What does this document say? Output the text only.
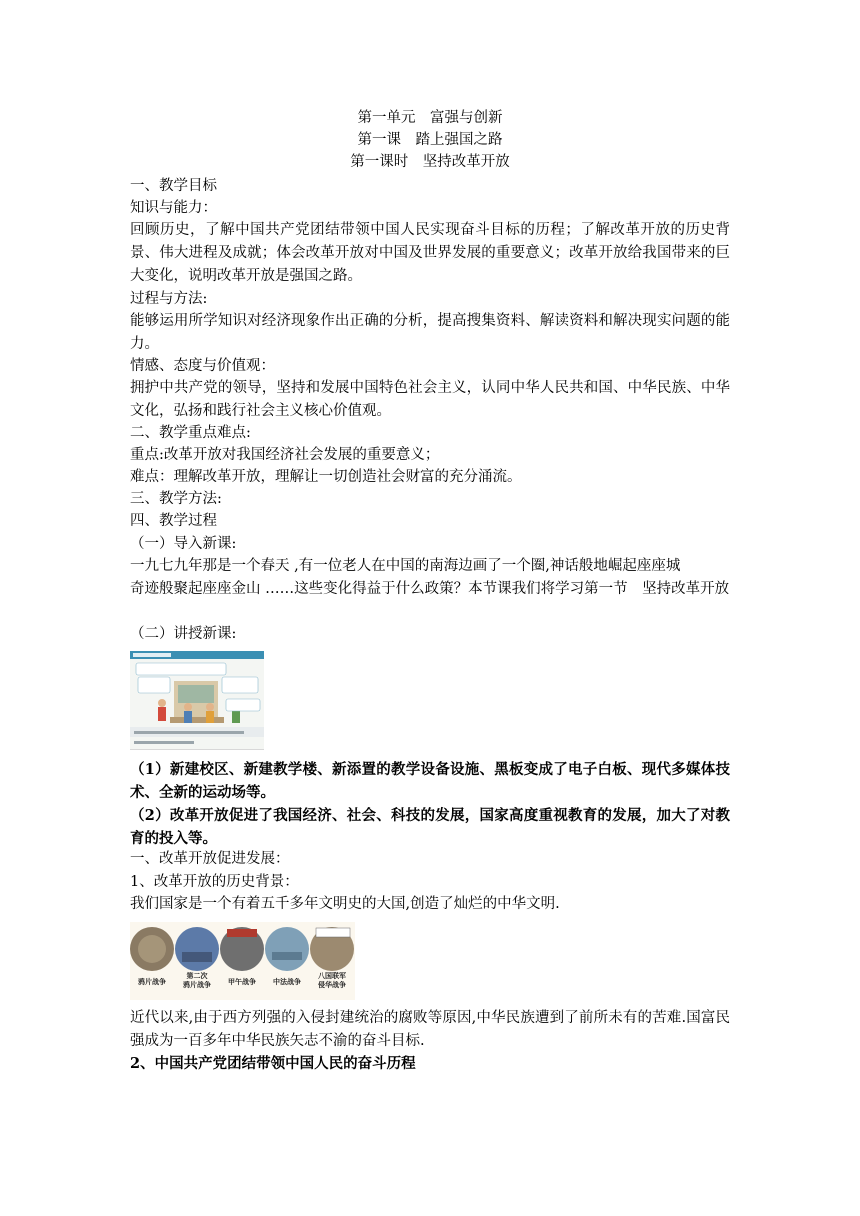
第一单元　富强与创新
第一课　踏上强国之路
第一课时　坚持改革开放
一、教学目标
知识与能力：
回顾历史，了解中国共产党团结带领中国人民实现奋斗目标的历程；了解改革开放的历史背景、伟大进程及成就；体会改革开放对中国及世界发展的重要意义；改革开放给我国带来的巨大变化，说明改革开放是强国之路。
过程与方法:
能够运用所学知识对经济现象作出正确的分析，提高搜集资料、解读资料和解决现实问题的能力。
情感、态度与价值观：
拥护中共产党的领导，坚持和发展中国特色社会主义，认同中华人民共和国、中华民族、中华文化，弘扬和践行社会主义核心价值观。
二、教学重点难点:
重点:改革开放对我国经济社会发展的重要意义；
难点：理解改革开放，理解让一切创造社会财富的充分涌流。
三、教学方法:
四、教学过程
（一）导入新课:
一九七九年那是一个春天 ,有一位老人在中国的南海边画了一个圈,神话般地崛起座座城
奇迹般聚起座座金山 ……这些变化得益于什么政策？本节课我们将学习第一节　坚持改革开放
（二）讲授新课:
（1）新建校区、新建教学楼、新添置的教学设备设施、黑板变成了电子白板、现代多媒体技术、全新的运动场等。
（2）改革开放促进了我国经济、社会、科技的发展，国家高度重视教育的发展，加大了对教育的投入等。
一、改革开放促进发展：
1、改革开放的历史背景：
我们国家是一个有着五千多年文明史的大国,创造了灿烂的中华文明.
鸦片战争
第二次
鸦片战争 甲午战争 中法战争
八国联军
侵华战争
近代以来,由于西方列强的入侵封建统治的腐败等原因,中华民族遭到了前所未有的苦难.国富民强成为一百多年中华民族矢志不渝的奋斗目标.
2、中国共产党团结带领中国人民的奋斗历程
